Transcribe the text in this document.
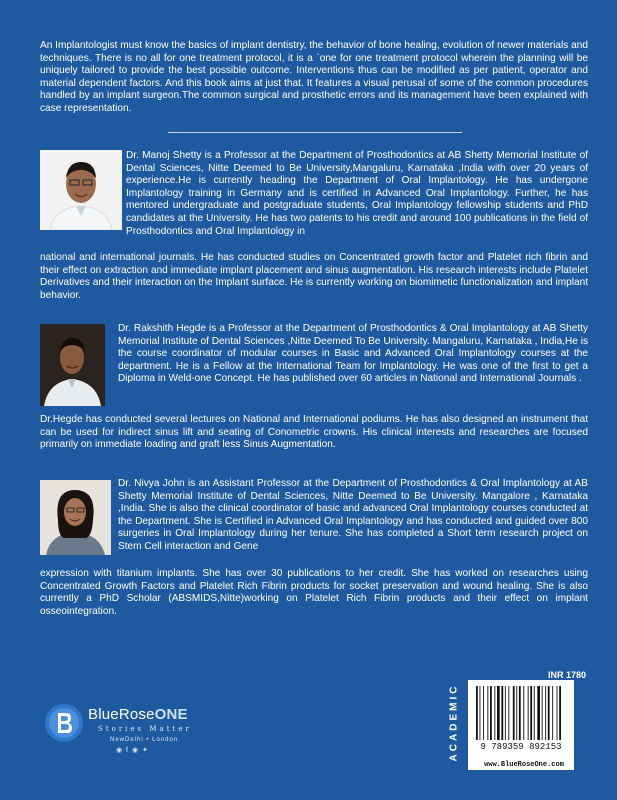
An Implantologist must know the basics of implant dentistry, the behavior of bone healing, evolution of newer materials and techniques. There is no all for one treatment protocol, it is a `one for one treatment protocol wherein the planning will be uniquely tailored to provide the best possible outcome. Interventions thus can be modified as per patient, operator and material dependent factors. And this book aims at just that. It features a visual perusal of some of the common procedures handled by an implant surgeon.The common surgical and prosthetic errors and its management have been explained with case representation.
Dr. Manoj Shetty is a Professor at the Department of Prosthodontics at AB Shetty Memorial Institute of Dental Sciences, Nitte Deemed to Be University,Mangaluru, Karnataka ,India with over 20 years of experience.He is currently heading the Department of Oral Implantology. He has undergone Implantology training in Germany and is certified in Advanced Oral Implantology. Further, he has mentored undergraduate and postgraduate students, Oral Implantology fellowship students and PhD candidates at the University. He has two patents to his credit and around 100 publications in the field of Prosthodontics and Oral Implantology in
national and international journals. He has conducted studies on Concentrated growth factor and Platelet rich fibrin and their effect on extraction and immediate implant placement and sinus augmentation. His research interests include Platelet Derivatives and their interaction on the Implant surface. He is currently working on biomimetic functionalization and implant behavior.
Dr. Rakshith Hegde is a Professor at the Department of Prosthodontics & Oral Implantology at AB Shetty Memorial Institute of Dental Sciences ,Nitte Deemed To Be University. Mangaluru, Karnataka , India,He is the course coordinator of modular courses in Basic and Advanced Oral Implantology courses at the department. He is a Fellow at the International Team for Implantology. He was one of the first to get a Diploma in Weld-one Concept. He has published over 60 articles in National and International Journals .
Dr.Hegde has conducted several lectures on National and International podiums. He has also designed an instrument that can be used for indirect sinus lift and seating of Conometric crowns. His clinical interests and researches are focused primarily on immediate loading and graft less Sinus Augmentation.
Dr. Nivya John is an Assistant Professor at the Department of Prosthodontics & Oral Implantology at AB Shetty Memorial Institute of Dental Sciences, Nitte Deemed to Be University. Mangalore , Karnataka ,India. She is also the clinical coordinator of basic and advanced Oral Implantology courses conducted at the Department. She is Certified in Advanced Oral Implantology and has conducted and guided over 800 surgeries in Oral Implantology during her tenure. She has completed a Short term research project on Stem Cell interaction and Gene
expression with titanium implants. She has over 30 publications to her credit. She has worked on researches using Concentrated Growth Factors and Platelet Rich Fibrin products for socket preservation and wound healing. She is also currently a PhD Scholar (ABSMIDS,Nitte)working on Platelet Rich Fibrin products and their effect on implant osseointegration.
BlueRoseONE
Stories Matter
NewDelhi • London
◉ f ◉ ✦	ACADEMIC
INR 1780
9 789359 892153
www.BlueRoseOne.com
